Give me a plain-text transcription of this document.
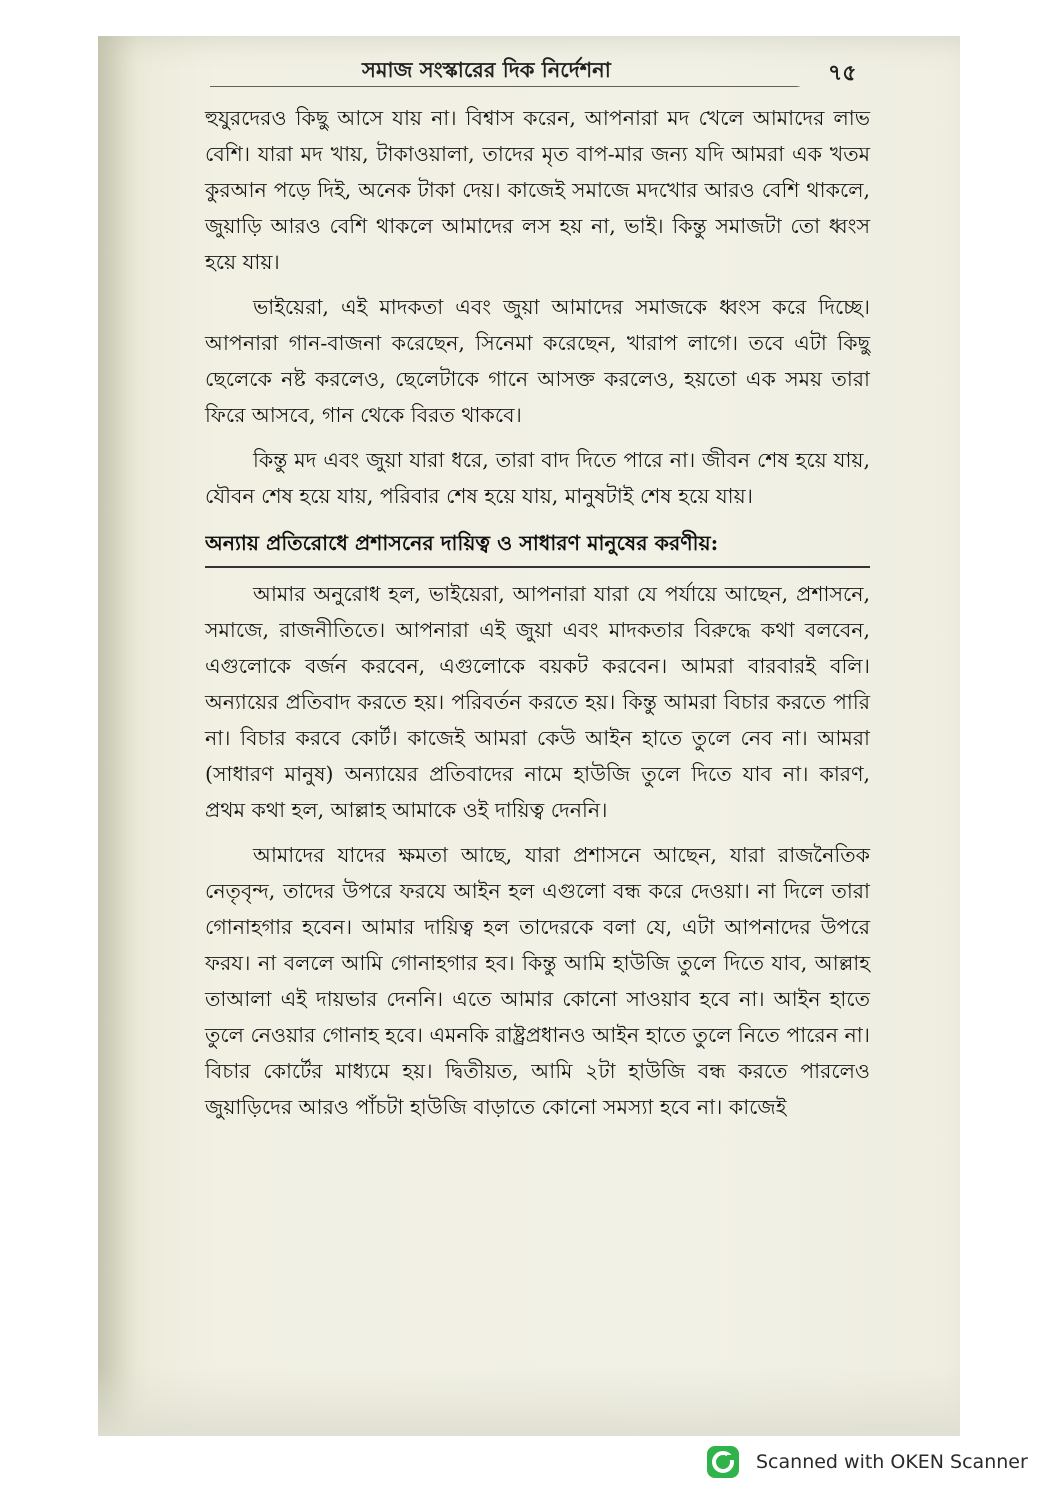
সমাজ সংস্কারের দিক নির্দেশনা	৭৫

হুযুরদেরও কিছু আসে যায় না। বিশ্বাস করেন, আপনারা মদ খেলে আমাদের লাভ বেশি। যারা মদ খায়, টাকাওয়ালা, তাদের মৃত বাপ-মার জন্য যদি আমরা এক খতম কুরআন পড়ে দিই, অনেক টাকা দেয়। কাজেই সমাজে মদখোর আরও বেশি থাকলে, জুয়াড়ি আরও বেশি থাকলে আমাদের লস হয় না, ভাই। কিন্তু সমাজটা তো ধ্বংস হয়ে যায়।

ভাইয়েরা, এই মাদকতা এবং জুয়া আমাদের সমাজকে ধ্বংস করে দিচ্ছে। আপনারা গান-বাজনা করেছেন, সিনেমা করেছেন, খারাপ লাগে। তবে এটা কিছু ছেলেকে নষ্ট করলেও, ছেলেটাকে গানে আসক্ত করলেও, হয়তো এক সময় তারা ফিরে আসবে, গান থেকে বিরত থাকবে।

কিন্তু মদ এবং জুয়া যারা ধরে, তারা বাদ দিতে পারে না। জীবন শেষ হয়ে যায়, যৌবন শেষ হয়ে যায়, পরিবার শেষ হয়ে যায়, মানুষটাই শেষ হয়ে যায়।

অন্যায় প্রতিরোধে প্রশাসনের দায়িত্ব ও সাধারণ মানুষের করণীয়:

আমার অনুরোধ হল, ভাইয়েরা, আপনারা যারা যে পর্যায়ে আছেন, প্রশাসনে, সমাজে, রাজনীতিতে। আপনারা এই জুয়া এবং মাদকতার বিরুদ্ধে কথা বলবেন, এগুলোকে বর্জন করবেন, এগুলোকে বয়কট করবেন। আমরা বারবারই বলি। অন্যায়ের প্রতিবাদ করতে হয়। পরিবর্তন করতে হয়। কিন্তু আমরা বিচার করতে পারি না। বিচার করবে কোর্ট। কাজেই আমরা কেউ আইন হাতে তুলে নেব না। আমরা (সাধারণ মানুষ) অন্যায়ের প্রতিবাদের নামে হাউজি তুলে দিতে যাব না। কারণ, প্রথম কথা হল, আল্লাহ আমাকে ওই দায়িত্ব দেননি।

আমাদের যাদের ক্ষমতা আছে, যারা প্রশাসনে আছেন, যারা রাজনৈতিক নেতৃবৃন্দ, তাদের উপরে ফরযে আইন হল এগুলো বন্ধ করে দেওয়া। না দিলে তারা গোনাহগার হবেন। আমার দায়িত্ব হল তাদেরকে বলা যে, এটা আপনাদের উপরে ফরয। না বললে আমি গোনাহগার হব। কিন্তু আমি হাউজি তুলে দিতে যাব, আল্লাহ তাআলা এই দায়ভার দেননি। এতে আমার কোনো সাওয়াব হবে না। আইন হাতে তুলে নেওয়ার গোনাহ হবে। এমনকি রাষ্ট্রপ্রধানও আইন হাতে তুলে নিতে পারেন না। বিচার কোর্টের মাধ্যমে হয়। দ্বিতীয়ত, আমি ২টা হাউজি বন্ধ করতে পারলেও জুয়াড়িদের আরও পাঁচটা হাউজি বাড়াতে কোনো সমস্যা হবে না। কাজেই

Scanned with OKEN Scanner
